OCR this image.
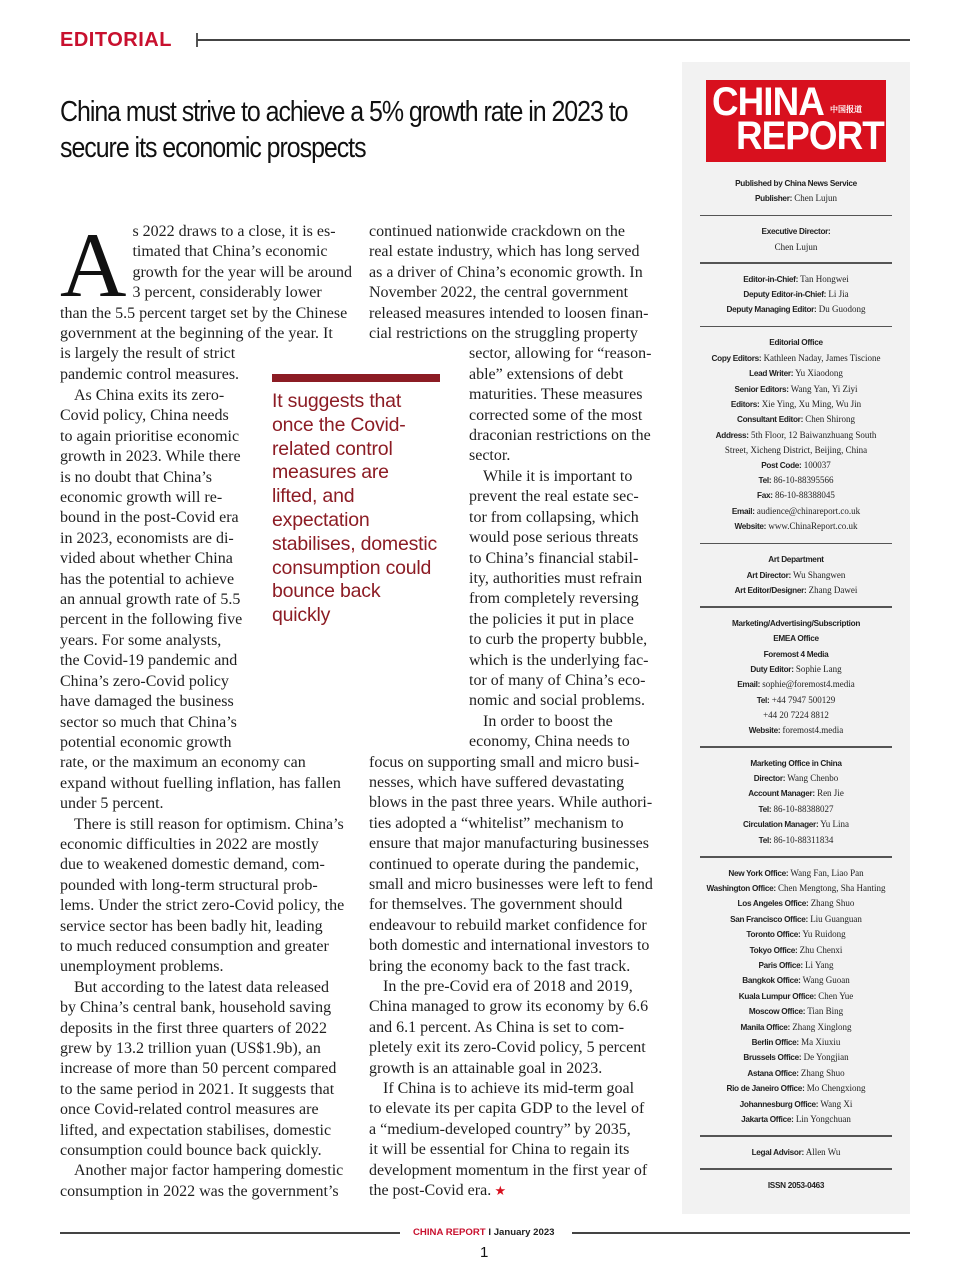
EDITORIAL
China must strive to achieve a 5% growth rate in 2023 to secure its economic prospects
A s 2022 draws to a close, it is es-
timated that China’s economic
growth for the year will be around
3 percent, considerably lower
than the 5.5 percent target set by the Chinese
government at the beginning of the year. It
is largely the result of strict
pandemic control measures.
As China exits its zero-
Covid policy, China needs
to again prioritise economic
growth in 2023. While there
is no doubt that China’s
economic growth will re-
bound in the post-Covid era
in 2023, economists are di-
vided about whether China
has the potential to achieve
an annual growth rate of 5.5
percent in the following five
years. For some analysts,
the Covid-19 pandemic and
China’s zero-Covid policy
have damaged the business
sector so much that China’s
potential economic growth
rate, or the maximum an economy can
expand without fuelling inflation, has fallen
under 5 percent.
There is still reason for optimism. China’s
economic difficulties in 2022 are mostly
due to weakened domestic demand, com-
pounded with long-term structural prob-
lems. Under the strict zero-Covid policy, the
service sector has been badly hit, leading
to much reduced consumption and greater
unemployment problems.
But according to the latest data released
by China’s central bank, household saving
deposits in the first three quarters of 2022
grew by 13.2 trillion yuan (US$1.9b), an
increase of more than 50 percent compared
to the same period in 2021. It suggests that
once Covid-related control measures are
lifted, and expectation stabilises, domestic
consumption could bounce back quickly.
Another major factor hampering domestic
consumption in 2022 was the government’s
It suggests that
once the Covid-
related control
measures are
lifted, and
expectation
stabilises, domestic
consumption could
bounce back
quickly
continued nationwide crackdown on the
real estate industry, which has long served
as a driver of China’s economic growth. In
November 2022, the central government
released measures intended to loosen finan-
cial restrictions on the struggling property
sector, allowing for “reason-
able” extensions of debt
maturities. These measures
corrected some of the most
draconian restrictions on the
sector.
While it is important to
prevent the real estate sec-
tor from collapsing, which
would pose serious threats
to China’s financial stabil-
ity, authorities must refrain
from completely reversing
the policies it put in place
to curb the property bubble,
which is the underlying fac-
tor of many of China’s eco-
nomic and social problems.
In order to boost the
economy, China needs to
focus on supporting small and micro busi-
nesses, which have suffered devastating
blows in the past three years. While authori-
ties adopted a “whitelist” mechanism to
ensure that major manufacturing businesses
continued to operate during the pandemic,
small and micro businesses were left to fend
for themselves. The government should
endeavour to rebuild market confidence for
both domestic and international investors to
bring the economy back to the fast track.
In the pre-Covid era of 2018 and 2019,
China managed to grow its economy by 6.6
and 6.1 percent. As China is set to com-
pletely exit its zero-Covid policy, 5 percent
growth is an attainable goal in 2023.
If China is to achieve its mid-term goal
to elevate its per capita GDP to the level of
a “medium-developed country” by 2035,
it will be essential for China to regain its
development momentum in the first year of
the post-Covid era. ★
CHINA 中国报道
REPORT
Published by China News Service
Publisher: Chen Lujun
Executive Director:
Chen Lujun
Editor-in-Chief: Tan Hongwei
Deputy Editor-in-Chief: Li Jia
Deputy Managing Editor: Du Guodong
Editorial Office
Copy Editors: Kathleen Naday, James Tiscione
Lead Writer: Yu Xiaodong
Senior Editors: Wang Yan, Yi Ziyi
Editors: Xie Ying, Xu Ming, Wu Jin
Consultant Editor: Chen Shirong
Address: 5th Floor, 12 Baiwanzhuang South
Street, Xicheng District, Beijing, China
Post Code: 100037
Tel: 86-10-88395566
Fax: 86-10-88388045
Email: audience@chinareport.co.uk
Website: www.ChinaReport.co.uk
Art Department
Art Director: Wu Shangwen
Art Editor/Designer: Zhang Dawei
Marketing/Advertising/Subscription
EMEA Office
Foremost 4 Media
Duty Editor: Sophie Lang
Email: sophie@foremost4.media
Tel: +44 7947 500129
+44 20 7224 8812
Website: foremost4.media
Marketing Office in China
Director: Wang Chenbo
Account Manager: Ren Jie
Tel: 86-10-88388027
Circulation Manager: Yu Lina
Tel: 86-10-88311834
New York Office: Wang Fan, Liao Pan
Washington Office: Chen Mengtong, Sha Hanting
Los Angeles Office: Zhang Shuo
San Francisco Office: Liu Guanguan
Toronto Office: Yu Ruidong
Tokyo Office: Zhu Chenxi
Paris Office: Li Yang
Bangkok Office: Wang Guoan
Kuala Lumpur Office: Chen Yue
Moscow Office: Tian Bing
Manila Office: Zhang Xinglong
Berlin Office: Ma Xiuxiu
Brussels Office: De Yongjian
Astana Office: Zhang Shuo
Rio de Janeiro Office: Mo Chengxiong
Johannesburg Office: Wang Xi
Jakarta Office: Lin Yongchuan
Legal Advisor: Allen Wu
ISSN 2053-0463
CHINA REPORT I January 2023
1
